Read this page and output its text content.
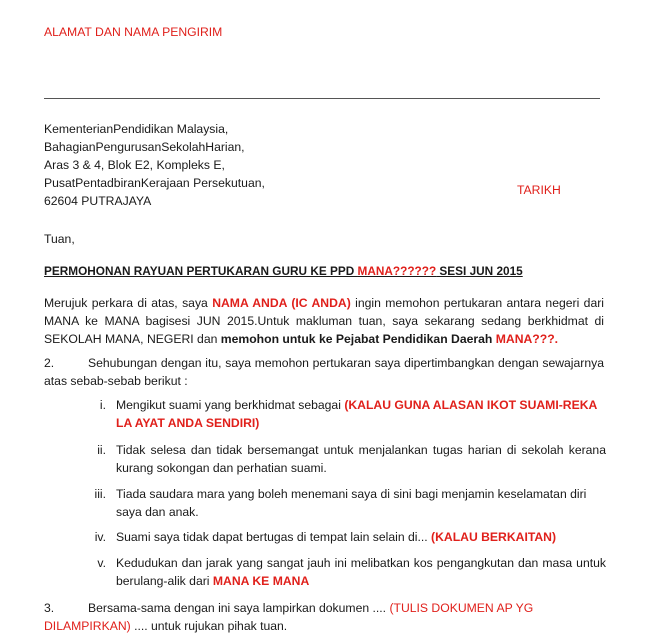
ALAMAT DAN NAMA PENGIRIM
KementerianPendidikan Malaysia,
BahagianPengurusanSekolahHarian,
Aras 3 & 4, Blok E2, Kompleks E,
PusatPentadbiranKerajaan Persekutuan,
62604 PUTRAJAYA
TARIKH
Tuan,
PERMOHONAN RAYUAN PERTUKARAN GURU KE PPD MANA?????? SESI JUN 2015
Merujuk perkara di atas, saya NAMA ANDA (IC ANDA) ingin memohon pertukaran antara negeri dari MANA ke MANA bagisesi JUN 2015.Untuk makluman tuan, saya sekarang sedang berkhidmat di SEKOLAH MANA, NEGERI dan memohon untuk ke Pejabat Pendidikan Daerah MANA???.
2.	Sehubungan dengan itu, saya memohon pertukaran saya dipertimbangkan dengan sewajarnya atas sebab-sebab berikut :
i. Mengikut suami yang berkhidmat sebagai (KALAU GUNA ALASAN IKOT SUAMI-REKA LA AYAT ANDA SENDIRI)
ii. Tidak selesa dan tidak bersemangat untuk menjalankan tugas harian di sekolah kerana kurang sokongan dan perhatian suami.
iii. Tiada saudara mara yang boleh menemani saya di sini bagi menjamin keselamatan diri saya dan anak.
iv. Suami saya tidak dapat bertugas di tempat lain selain di... (KALAU BERKAITAN)
v. Kedudukan dan jarak yang sangat jauh ini melibatkan kos pengangkutan dan masa untuk berulang-alik dari MANA KE MANA
3.	Bersama-sama dengan ini saya lampirkan dokumen .... (TULIS DOKUMEN AP YG DILAMPIRKAN) .... untuk rujukan pihak tuan.
